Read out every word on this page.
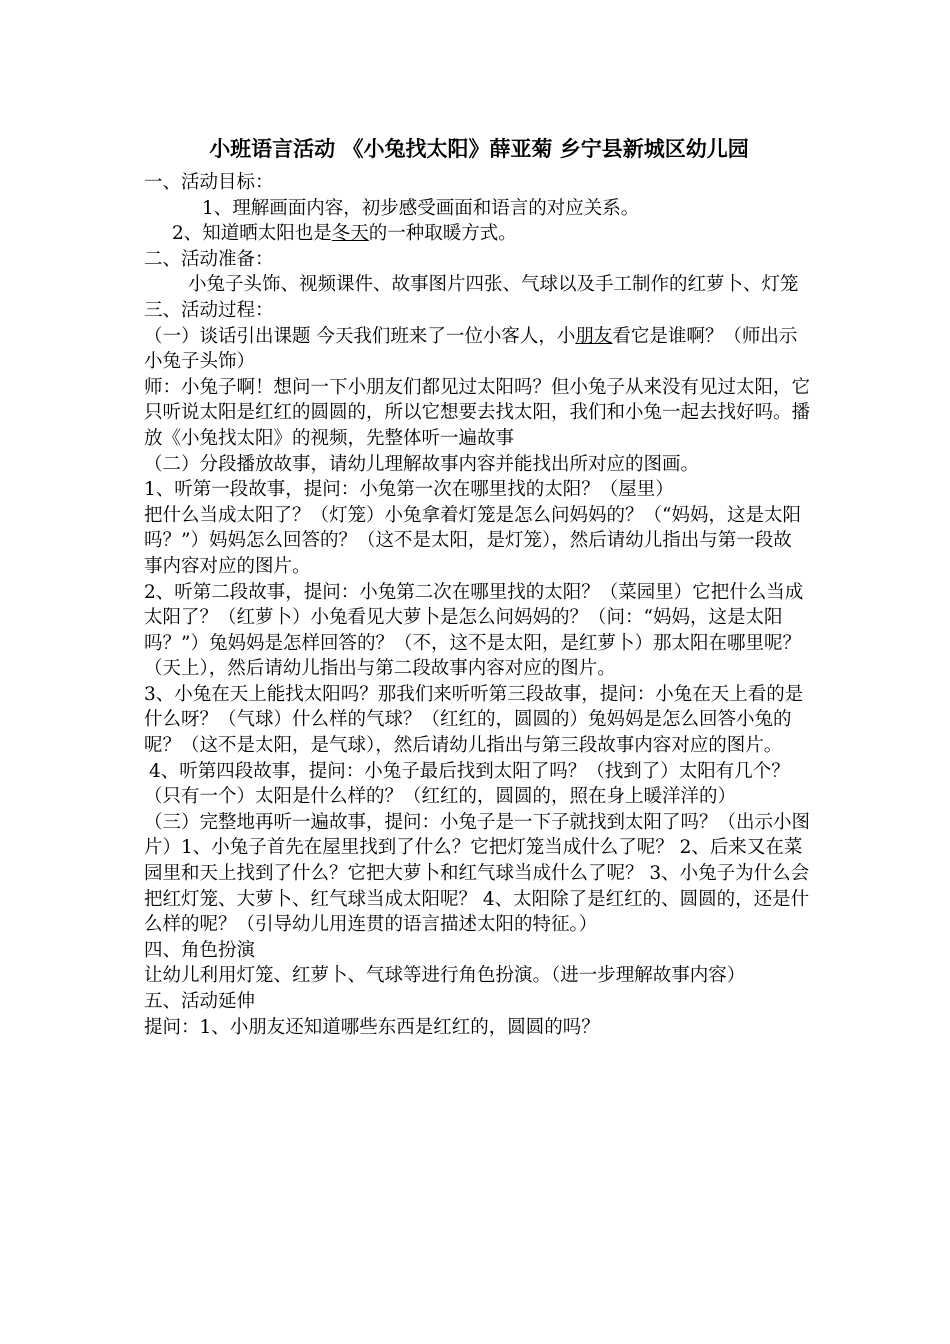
小班语言活动 《小兔找太阳》薛亚菊 乡宁县新城区幼儿园

一、活动目标：

1、理解画面内容，初步感受画面和语言的对应关系。

2、知道晒太阳也是冬天的一种取暖方式。

二、活动准备：

小兔子头饰、视频课件、故事图片四张、气球以及手工制作的红萝卜、灯笼

三、活动过程：

（一）谈话引出课题 今天我们班来了一位小客人，小朋友看它是谁啊？（师出示小兔子头饰）

师：小兔子啊！想问一下小朋友们都见过太阳吗？但小兔子从来没有见过太阳，它只听说太阳是红红的圆圆的，所以它想要去找太阳，我们和小兔一起去找好吗。播放《小兔找太阳》的视频，先整体听一遍故事

（二）分段播放故事，请幼儿理解故事内容并能找出所对应的图画。

1、听第一段故事，提问：小兔第一次在哪里找的太阳？（屋里）

把什么当成太阳了？（灯笼）小兔拿着灯笼是怎么问妈妈的？（“妈妈，这是太阳吗？”）妈妈怎么回答的？（这不是太阳，是灯笼），然后请幼儿指出与第一段故事内容对应的图片。

2、听第二段故事，提问：小兔第二次在哪里找的太阳？（菜园里）它把什么当成太阳了？（红萝卜）小兔看见大萝卜是怎么问妈妈的？（问：“妈妈，这是太阳吗？”）兔妈妈是怎样回答的？（不，这不是太阳，是红萝卜）那太阳在哪里呢？（天上），然后请幼儿指出与第二段故事内容对应的图片。

3、小兔在天上能找太阳吗？那我们来听听第三段故事，提问：小兔在天上看的是什么呀？（气球）什么样的气球？（红红的，圆圆的）兔妈妈是怎么回答小兔的呢？（这不是太阳，是气球），然后请幼儿指出与第三段故事内容对应的图片。

4、听第四段故事，提问：小兔子最后找到太阳了吗？（找到了）太阳有几个？（只有一个）太阳是什么样的？（红红的，圆圆的，照在身上暖洋洋的）

（三）完整地再听一遍故事，提问：小兔子是一下子就找到太阳了吗？（出示小图片）1、小兔子首先在屋里找到了什么？它把灯笼当成什么了呢？ 2、后来又在菜园里和天上找到了什么？它把大萝卜和红气球当成什么了呢？ 3、小兔子为什么会把红灯笼、大萝卜、红气球当成太阳呢？ 4、太阳除了是红红的、圆圆的，还是什么样的呢？（引导幼儿用连贯的语言描述太阳的特征。）

四、角色扮演

让幼儿利用灯笼、红萝卜、气球等进行角色扮演。（进一步理解故事内容）

五、活动延伸

提问：1、小朋友还知道哪些东西是红红的，圆圆的吗？
